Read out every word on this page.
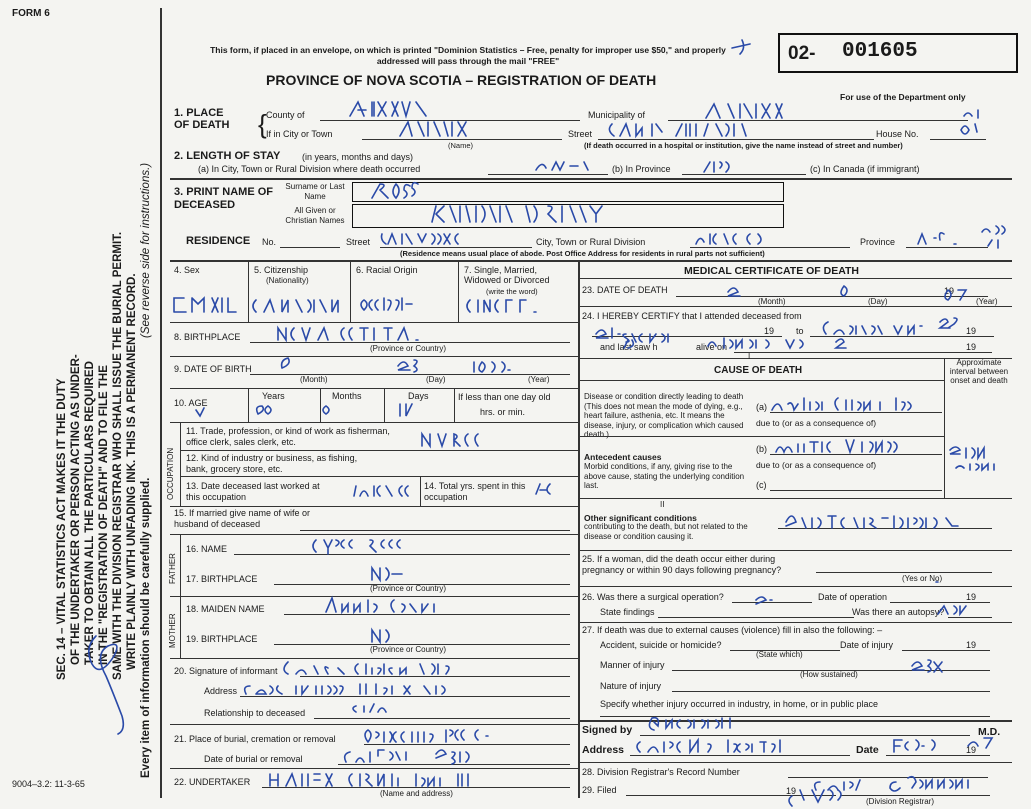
FORM 6
This form, if placed in an envelope, on which is printed "Dominion Statistics – Free, penalty for improper use $50," and properly addressed will pass through the mail "FREE"
PROVINCE OF NOVA SCOTIA – REGISTRATION OF DEATH
02- 001605
For use of the Department only
SEC. 14 – VITAL STATISTICS ACT MAKES IT THE DUTY OF THE UNDERTAKER OR PERSON ACTING AS UNDER- TAKER TO OBTAIN ALL THE PARTICULARS REQUIRED IN THE "REGISTRATION OF DEATH" AND TO FILE THE SAME WITH THE DIVISION REGISTRAR WHO SHALL ISSUE THE BURIAL PERMIT. WRITE PLAINLY WITH UNFADING INK. THIS IS A PERMANENT RECORD.
(See reverse side for instructions.)
Every item of information should be carefully supplied.
1. PLACE OF DEATH { County of	Municipality of
If in City or Town
(Name)
Street	House No.
(If death occurred in a hospital or institution, give the name instead of street and number)
2. LENGTH OF STAY (in years, months and days)
(a) In City, Town or Rural Division where death occurred	(b) In Province	(c) In Canada (if immigrant)
3. PRINT NAME OF DECEASED
Surname or Last Name
All Given or Christian Names
RESIDENCE No.	Street	City, Town or Rural Division	Province
(Residence means usual place of abode. Post Office Address for residents in rural parts not sufficient)
4. Sex	5. Citizenship
(Nationality)
6. Racial Origin	7. Single, Married, Widowed or Divorced
(write the word)
8. BIRTHPLACE
(Province or Country)
9. DATE OF BIRTH
(Month)	(Day)	(Year)
10. AGE
Years	Months	Days	If less than one day old
hrs. or min.
OCCUPATION
11. Trade, profession, or kind of work as fisherman, office clerk, sales clerk, etc.
12. Kind of industry or business, as fishing, bank, grocery store, etc.
13. Date deceased last worked at this occupation
14. Total yrs. spent in this occupation
15. If married give name of wife or husband of deceased
FATHER
MOTHER
16. NAME
17. BIRTHPLACE
(Province or Country)
18. MAIDEN NAME
19. BIRTHPLACE
(Province or Country)
20. Signature of informant
Address
Relationship to deceased
21. Place of burial, cremation or removal
Date of burial or removal
22. UNDERTAKER
(Name and address)
9004–3.2: 11-3-65
MEDICAL CERTIFICATE OF DEATH
23. DATE OF DEATH	19
(Month)	(Day)	(Year)
24. I HEREBY CERTIFY that I attended deceased from
19 to	19
and last saw h	alive on	19
I
CAUSE OF DEATH
Approximate interval between onset and death
Disease or condition directly leading to death (This does not mean the mode of dying, e.g., heart failure, asthenia, etc. It means the disease, injury, or complication which caused death.)
(a)
due to (or as a consequence of)
Antecedent causes
Morbid conditions, if any, giving rise to the above cause, stating the underlying condition last.
(b)
due to (or as a consequence of)
(c)
II
Other significant conditions
contributing to the death, but not related to the disease or condition causing it.
25. If a woman, did the death occur either during pregnancy or within 90 days following pregnancy?
(Yes or No)
26. Was there a surgical operation?	Date of operation	19
State findings	Was there an autopsy?
27. If death was due to external causes (violence) fill in also the following: –
Accident, suicide or homicide?
(State which)
Date of injury	19
Manner of injury
(How sustained)
Nature of injury
Specify whether injury occurred in industry, in home, or in public place
Signed by	M.D.
Address	Date	19
28. Division Registrar's Record Number
29. Filed	19
(Division Registrar)
